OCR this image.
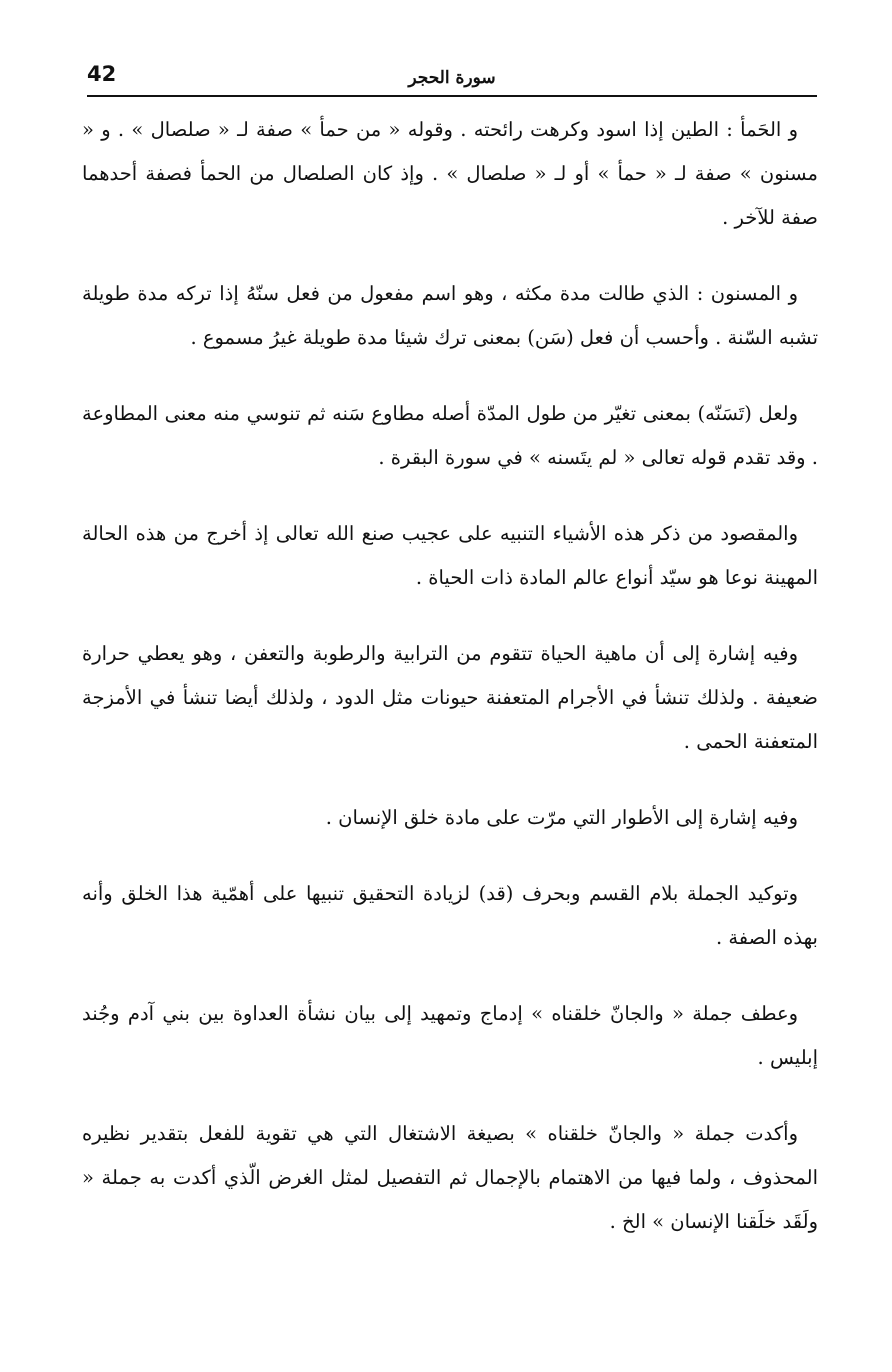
42	سورة الحجر

و الحَمأ : الطين إذا اسود وكرهت رائحته . وقوله « من حمأ » صفة لـ « صلصال » . و « مسنون » صفة لـ « حمأ » أو لـ « صلصال » . وإذ كان الصلصال من الحمأ فصفة أحدهما صفة للآخر .

و المسنون : الذي طالت مدة مكثه ، وهو اسم مفعول من فعل سنّهُ إذا تركه مدة طويلة تشبه السّنة . وأحسب أن فعل (سَن) بمعنى ترك شيئا مدة طويلة غيرُ مسموع .

ولعل (تَسَنّه) بمعنى تغيّر من طول المدّة أصله مطاوع سَنه ثم تنوسي منه معنى المطاوعة . وقد تقدم قوله تعالى « لم يتَسنه » في سورة البقرة .

والمقصود من ذكر هذه الأشياء التنبيه على عجيب صنع الله تعالى إذ أخرج من هذه الحالة المهينة نوعا هو سيّد أنواع عالم المادة ذات الحياة .

وفيه إشارة إلى أن ماهية الحياة تتقوم من الترابية والرطوبة والتعفن ، وهو يعطي حرارة ضعيفة . ولذلك تنشأ في الأجرام المتعفنة حيونات مثل الدود ، ولذلك أيضا تنشأ في الأمزجة المتعفنة الحمى .

وفيه إشارة إلى الأطوار التي مرّت على مادة خلق الإنسان .

وتوكيد الجملة بلام القسم وبحرف (قد) لزيادة التحقيق تنبيها على أهمّية هذا الخلق وأنه بهذه الصفة .

وعطف جملة « والجانّ خلقناه » إدماج وتمهيد إلى بيان نشأة العداوة بين بني آدم وجُند إبليس .

وأكدت جملة « والجانّ خلقناه » بصيغة الاشتغال التي هي تقوية للفعل بتقدير نظيره المحذوف ، ولما فيها من الاهتمام بالإجمال ثم التفصيل لمثل الغرض الّذي أكدت به جملة « ولَقَد خلَقنا الإنسان » الخ .
